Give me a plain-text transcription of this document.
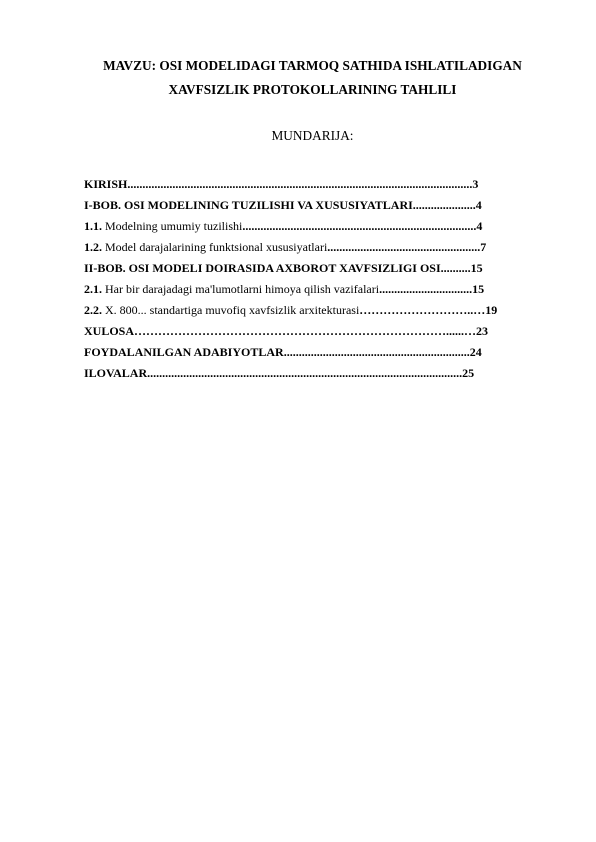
MAVZU: OSI MODELIDAGI TARMOQ SATHIDA ISHLATILADIGAN
XAVFSIZLIK PROTOKOLLARINING TAHLILI
MUNDARIJA:
KIRISH...................................................................................................................3
I-BOB. OSI MODELINING TUZILISHI VA XUSUSIYATLARI.....................4
1.1. Modelning umumiy tuzilishi..............................................................................4
1.2. Model darajalarining funktsional xususiyatlari...................................................7
II-BOB. OSI MODELI DOIRASIDA AXBOROT XAVFSIZLIGI OSI..........15
2.1. Har bir darajadagi ma'lumotlarni himoya qilish vazifalari...............................15
2.2. X. 800... standartiga muvofiq xavfsizlik arxitekturasi………………………..…19
XULOSA……………………………………………………………………......…23
FOYDALANILGAN ADABIYOTLAR..............................................................24
ILOVALAR.........................................................................................................25
